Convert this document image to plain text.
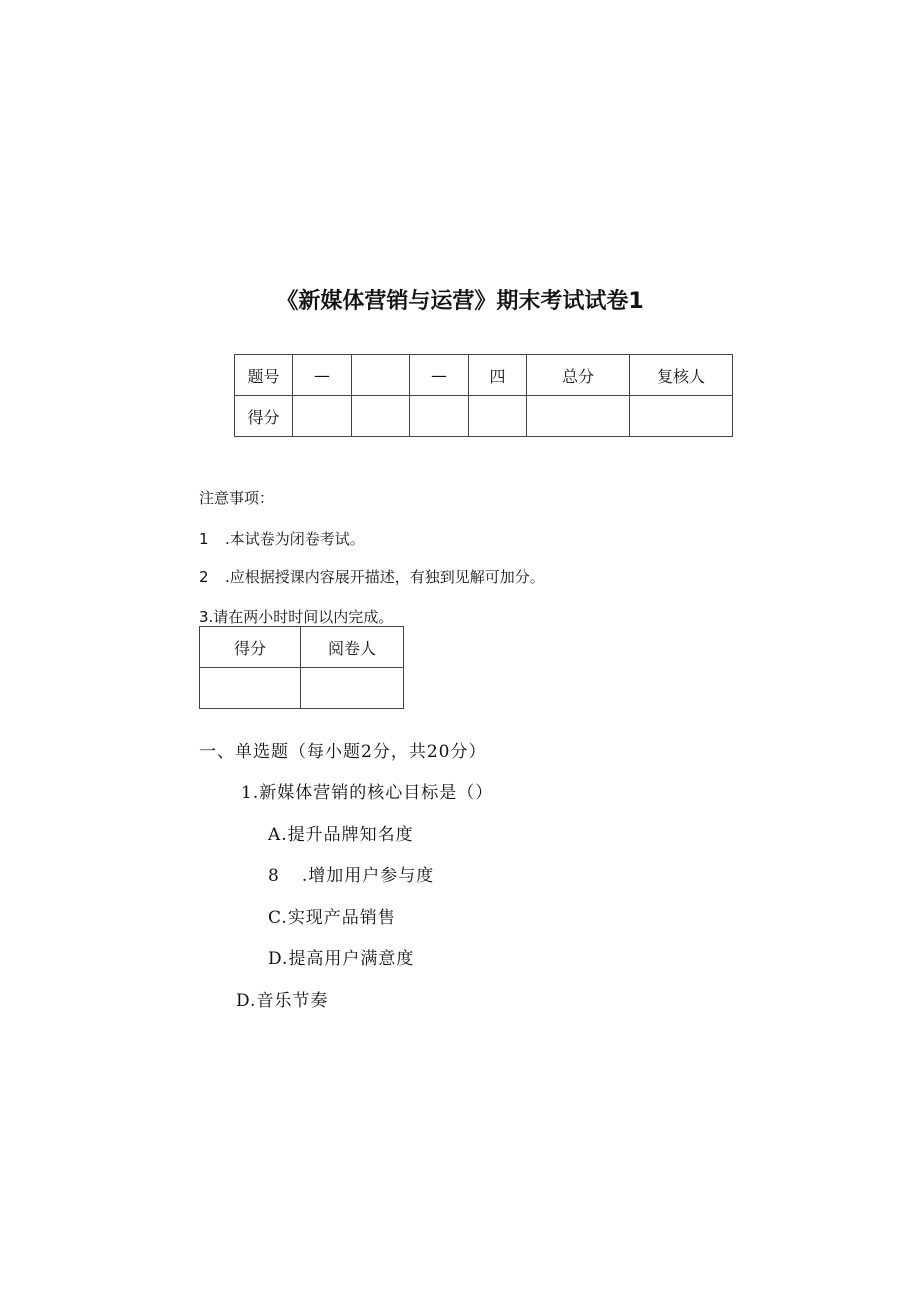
《新媒体营销与运营》期末考试试卷1
题号	—		—	四	总分	复核人
得分						
注意事项：
1 .本试卷为闭卷考试。
2 .应根据授课内容展开描述，有独到见解可加分。
3.请在两小时时间以内完成。
得分	阅卷人

一、单选题（每小题2分，共20分）
1.新媒体营销的核心目标是（）
A.提升品牌知名度
8 .增加用户参与度
C.实现产品销售
D.提高用户满意度
D.音乐节奏
